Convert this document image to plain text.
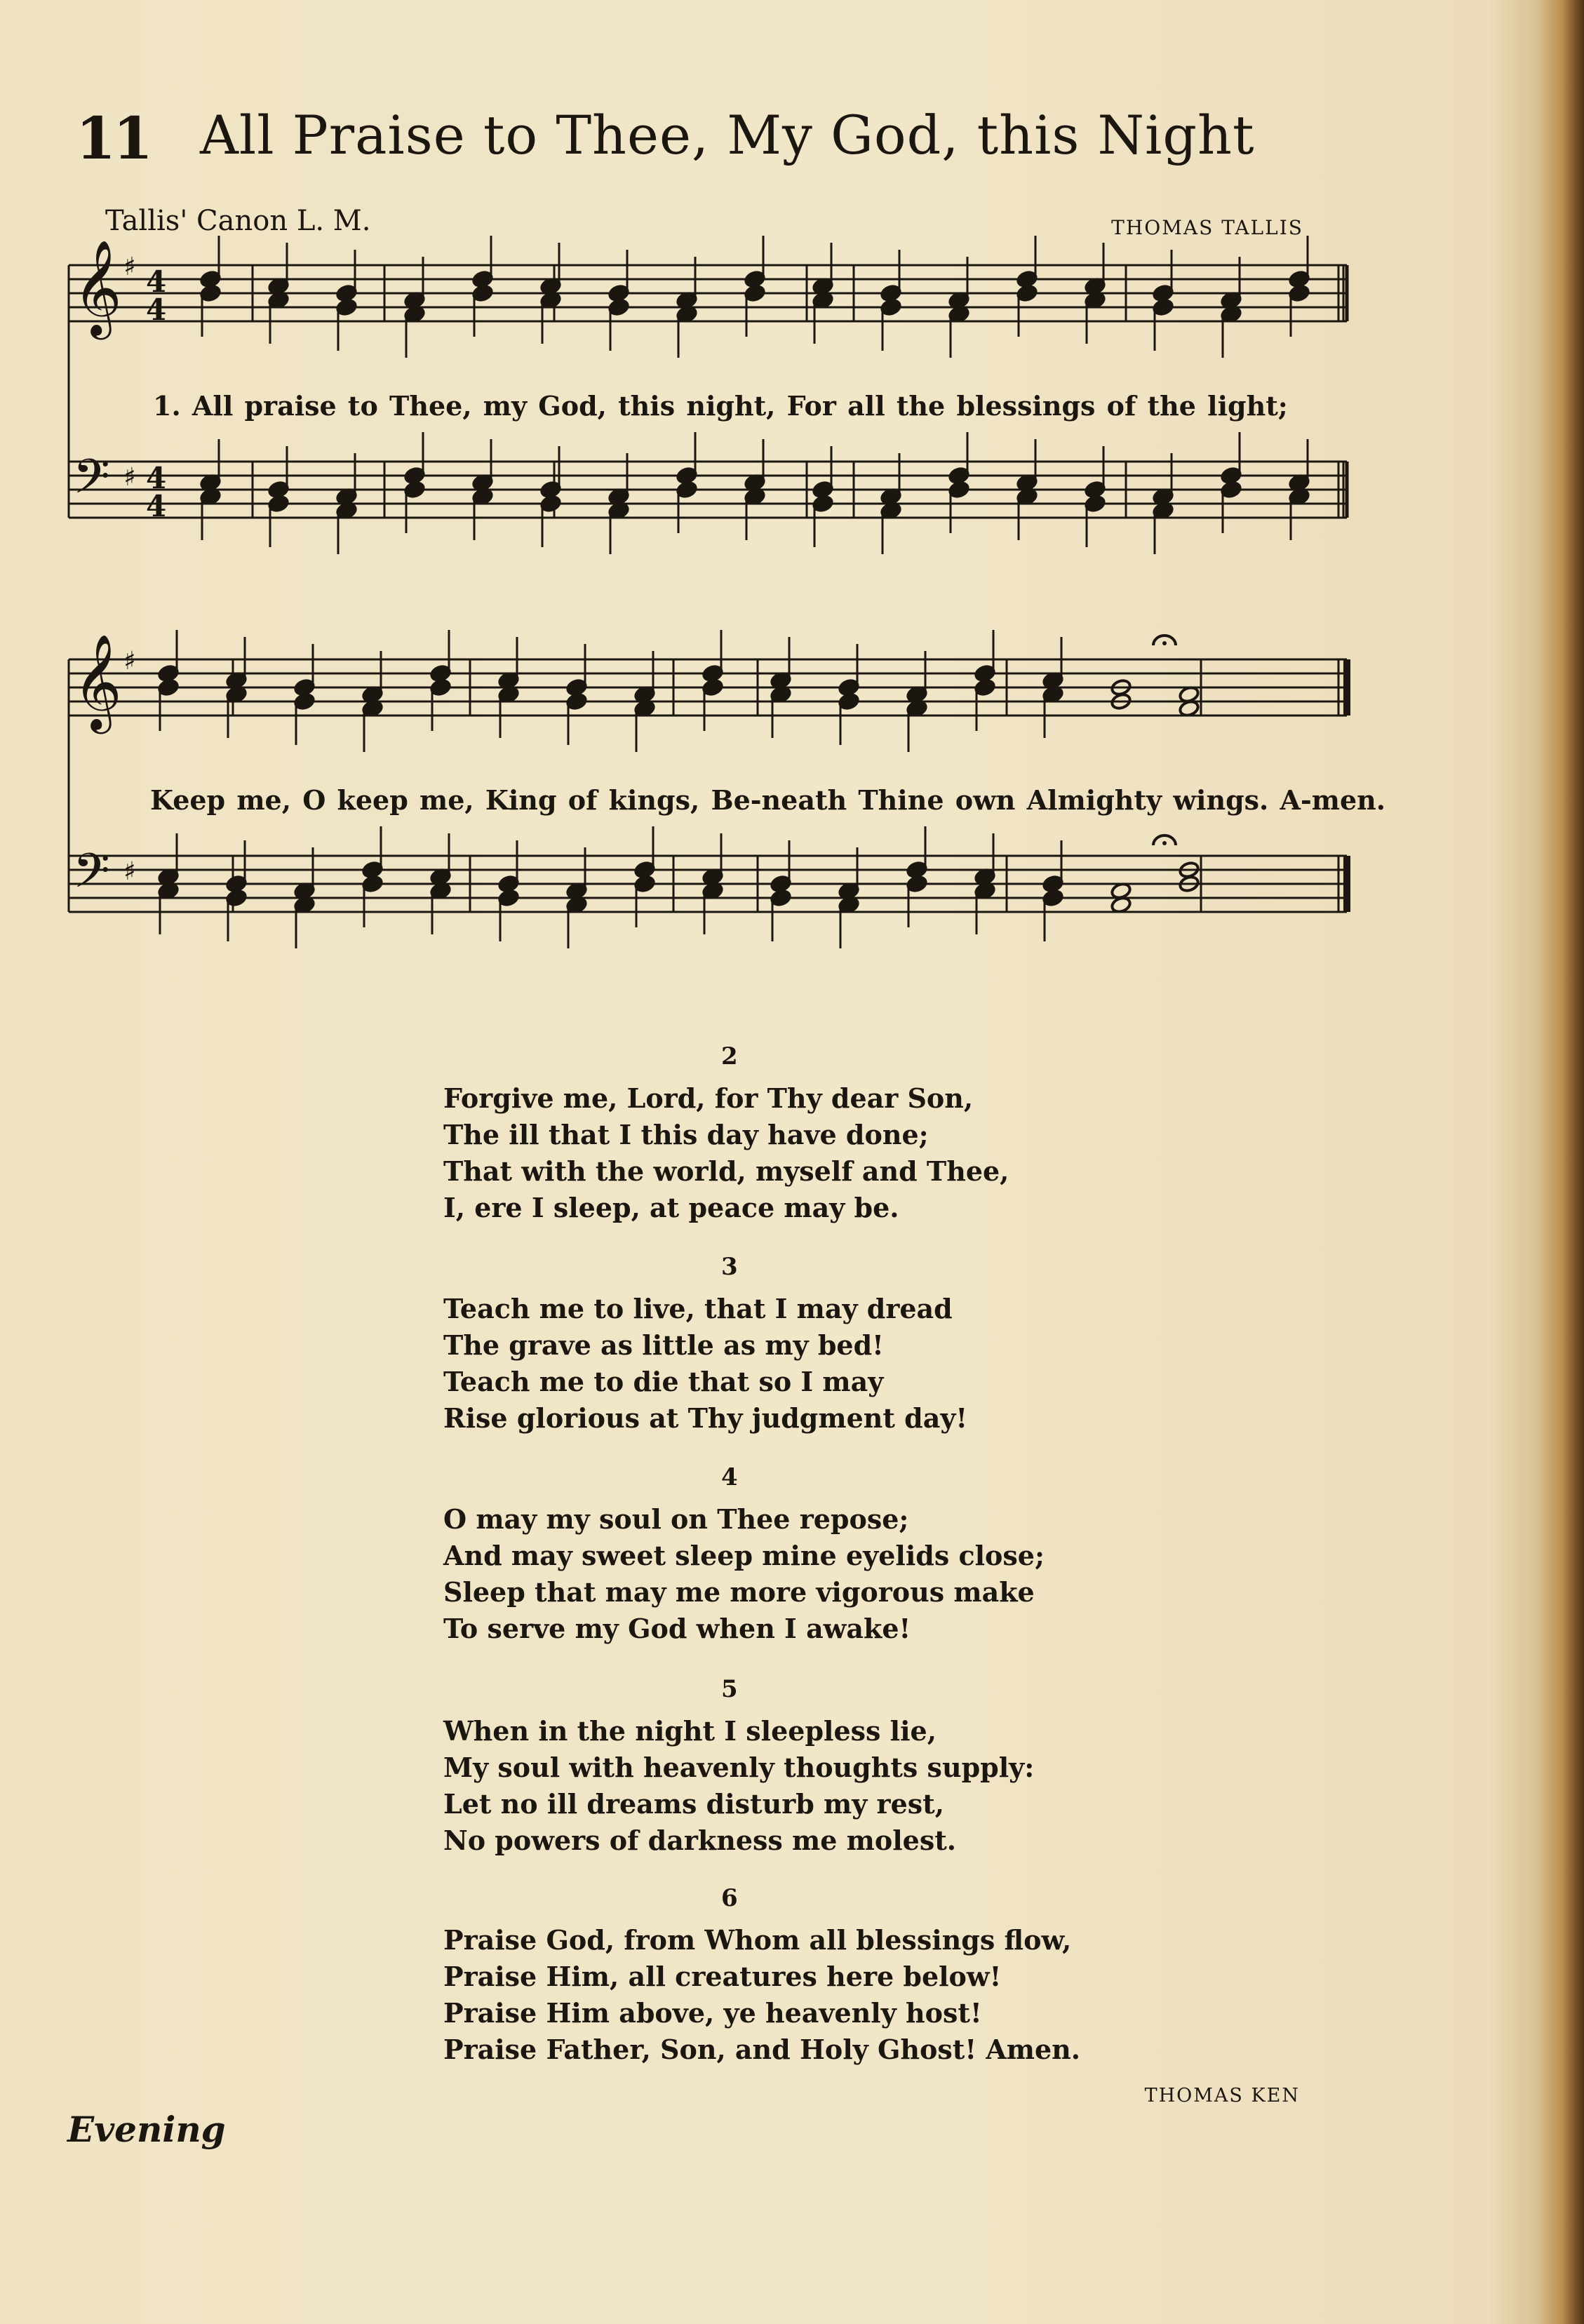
11 All Praise to Thee, My God, this Night
Tallis' Canon L. M.	THOMAS TALLIS
𝄞 ♯ 4
4
𝄢 ♯ 4
4
𝄞 ♯
𝄢 ♯
1. All praise to Thee, my God, this night, For all the blessings of the light;
Keep me, O keep me, King of kings, Be-neath Thine own Almighty wings. A-men.
2
Forgive me, Lord, for Thy dear Son,
The ill that I this day have done;
That with the world, myself and Thee,
I, ere I sleep, at peace may be.
3
Teach me to live, that I may dread
The grave as little as my bed!
Teach me to die that so I may
Rise glorious at Thy judgment day!
4
O may my soul on Thee repose;
And may sweet sleep mine eyelids close;
Sleep that may me more vigorous make
To serve my God when I awake!
5
When in the night I sleepless lie,
My soul with heavenly thoughts supply:
Let no ill dreams disturb my rest,
No powers of darkness me molest.
6
Praise God, from Whom all blessings flow,
Praise Him, all creatures here below!
Praise Him above, ye heavenly host!
Praise Father, Son, and Holy Ghost! Amen.
THOMAS KEN
Evening
